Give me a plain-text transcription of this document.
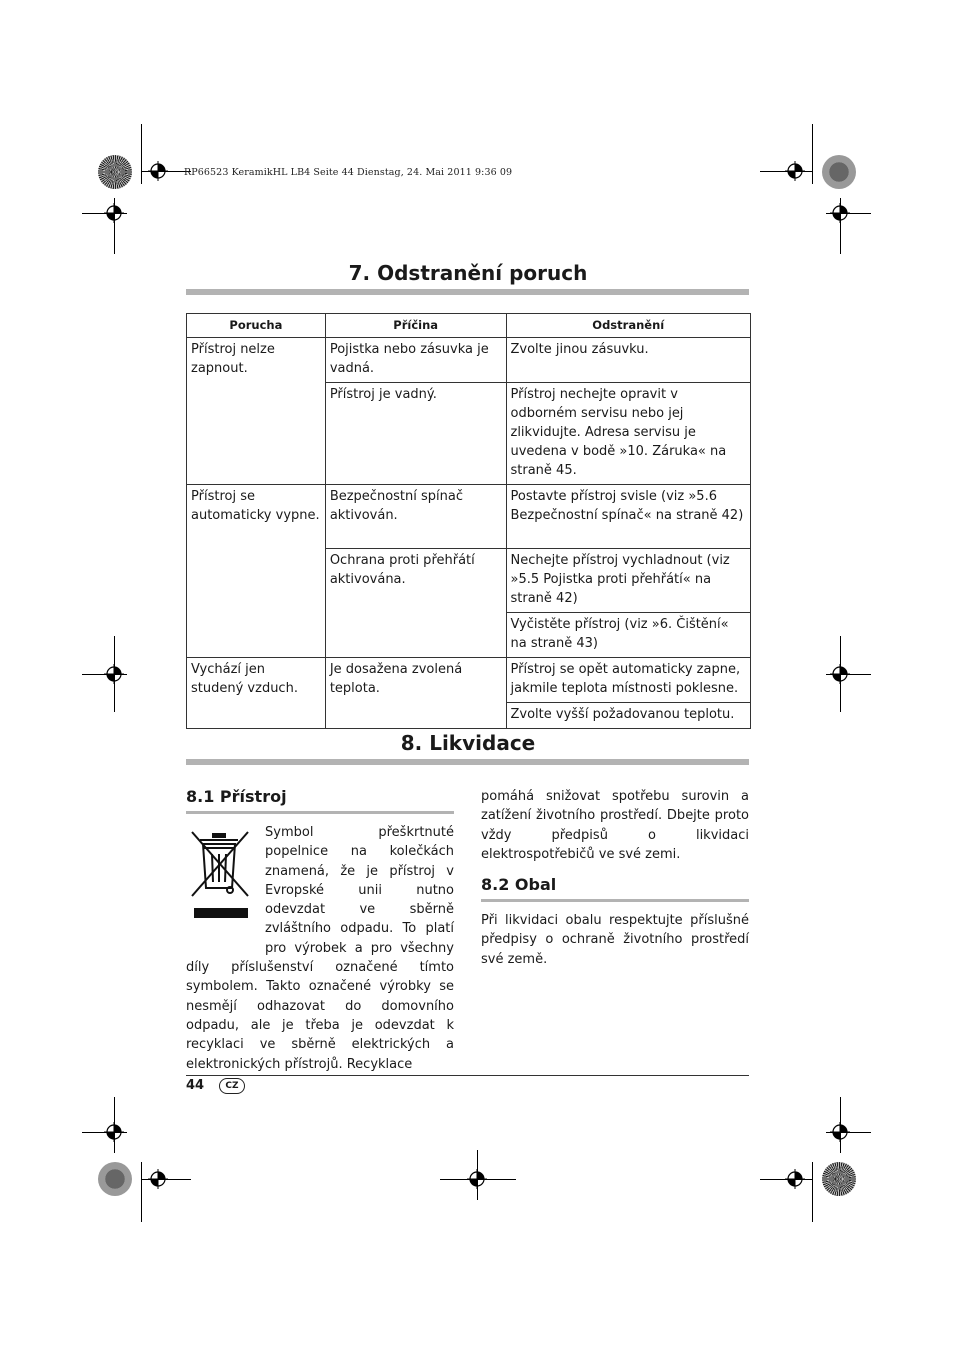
RP66523 KeramikHL LB4 Seite 44 Dienstag, 24. Mai 2011 9:36 09
7. Odstranění poruch
Porucha	Příčina	Odstranění
Přístroj nelze zapnout.	Pojistka nebo zásuvka je vadná.	Zvolte jinou zásuvku.
	Přístroj je vadný.	Přístroj nechejte opravit v odborném servisu nebo jej zlikvidujte. Adresa servisu je uvedena v bodě »10. Záruka« na straně 45.
Přístroj se automaticky vypne.	Bezpečnostní spínač aktivován.	Postavte přístroj svisle (viz »5.6 Bezpečnostní spínač« na straně 42)
	Ochrana proti přehřátí aktivována.	Nechejte přístroj vychladnout (viz »5.5 Pojistka proti přehřátí« na straně 42)
		Vyčistěte přístroj (viz »6. Čištění« na straně 43)
Vychází jen studený vzduch.	Je dosažena zvolená teplota.	Přístroj se opět automaticky zapne, jakmile teplota místnosti poklesne.
		Zvolte vyšší požadovanou teplotu.
8. Likvidace
8.1 Přístroj

Symbol přeškrtnuté popelnice na kolečkách znamená, že je přístroj v Evropské unii nutno odevzdat ve sběrně zvláštního odpadu. To platí pro výrobek a pro všechny díly příslušenství označené tímto symbolem. Takto označené výrobky se nesmějí odhazovat do domovního odpadu, ale je třeba je odevzdat k recyklaci ve sběrně elektrických a elektronických přístrojů. Recyklace

pomáhá snižovat spotřebu surovin a zatížení životního prostředí. Dbejte proto vždy předpisů o likvidaci elektrospotřebičů ve své zemi.

8.2 Obal

Při likvidaci obalu respektujte příslušné předpisy o ochraně životního prostředí své země.

44	CZ
